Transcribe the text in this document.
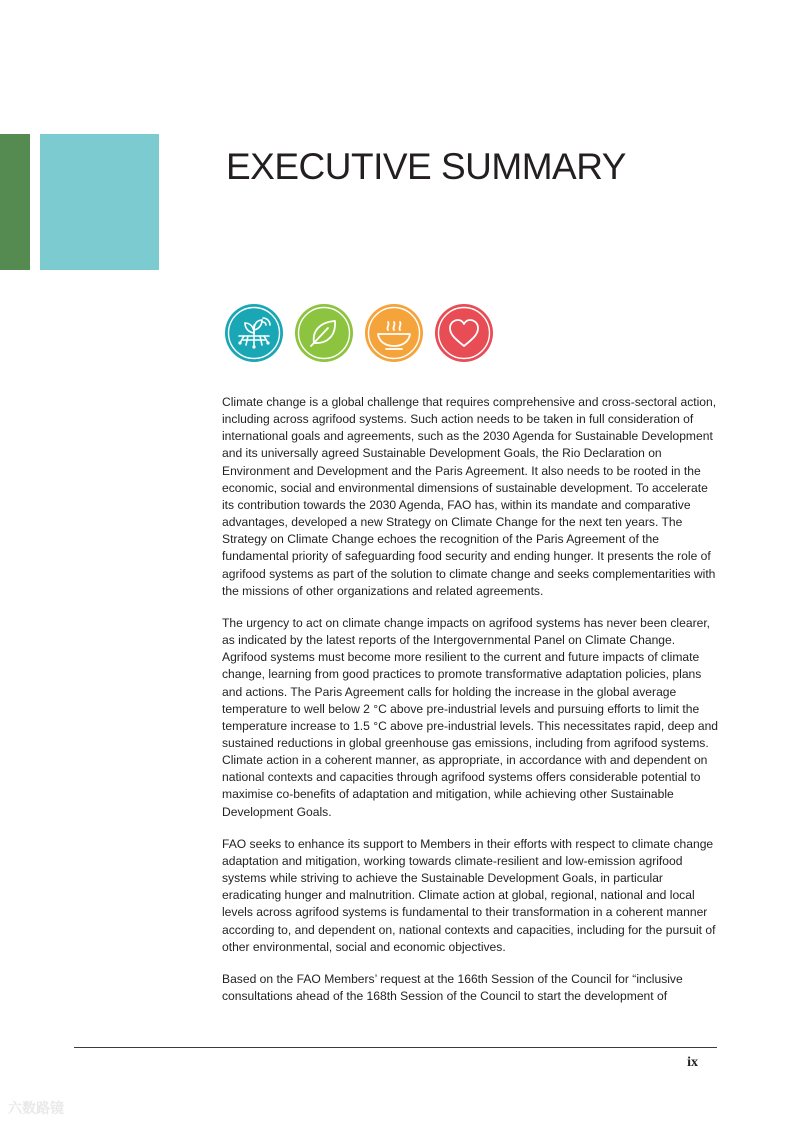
EXECUTIVE SUMMARY

Climate change is a global challenge that requires comprehensive and cross-sectoral action, including across agrifood systems. Such action needs to be taken in full consideration of international goals and agreements, such as the 2030 Agenda for Sustainable Development and its universally agreed Sustainable Development Goals, the Rio Declaration on Environment and Development and the Paris Agreement. It also needs to be rooted in the economic, social and environmental dimensions of sustainable development. To accelerate its contribution towards the 2030 Agenda, FAO has, within its mandate and comparative advantages, developed a new Strategy on Climate Change for the next ten years. The Strategy on Climate Change echoes the recognition of the Paris Agreement of the fundamental priority of safeguarding food security and ending hunger. It presents the role of agrifood systems as part of the solution to climate change and seeks complementarities with the missions of other organizations and related agreements.

The urgency to act on climate change impacts on agrifood systems has never been clearer, as indicated by the latest reports of the Intergovernmental Panel on Climate Change. Agrifood systems must become more resilient to the current and future impacts of climate change, learning from good practices to promote transformative adaptation policies, plans and actions. The Paris Agreement calls for holding the increase in the global average temperature to well below 2 °C above pre-industrial levels and pursuing efforts to limit the temperature increase to 1.5 °C above pre-industrial levels. This necessitates rapid, deep and sustained reductions in global greenhouse gas emissions, including from agrifood systems. Climate action in a coherent manner, as appropriate, in accordance with and dependent on national contexts and capacities through agrifood systems offers considerable potential to maximise co-benefits of adaptation and mitigation, while achieving other Sustainable Development Goals.

FAO seeks to enhance its support to Members in their efforts with respect to climate change adaptation and mitigation, working towards climate-resilient and low-emission agrifood systems while striving to achieve the Sustainable Development Goals, in particular eradicating hunger and malnutrition. Climate action at global, regional, national and local levels across agrifood systems is fundamental to their transformation in a coherent manner according to, and dependent on, national contexts and capacities, including for the pursuit of other environmental, social and economic objectives.

Based on the FAO Members’ request at the 166th Session of the Council for “inclusive consultations ahead of the 168th Session of the Council to start the development of

ix
六数路镜
